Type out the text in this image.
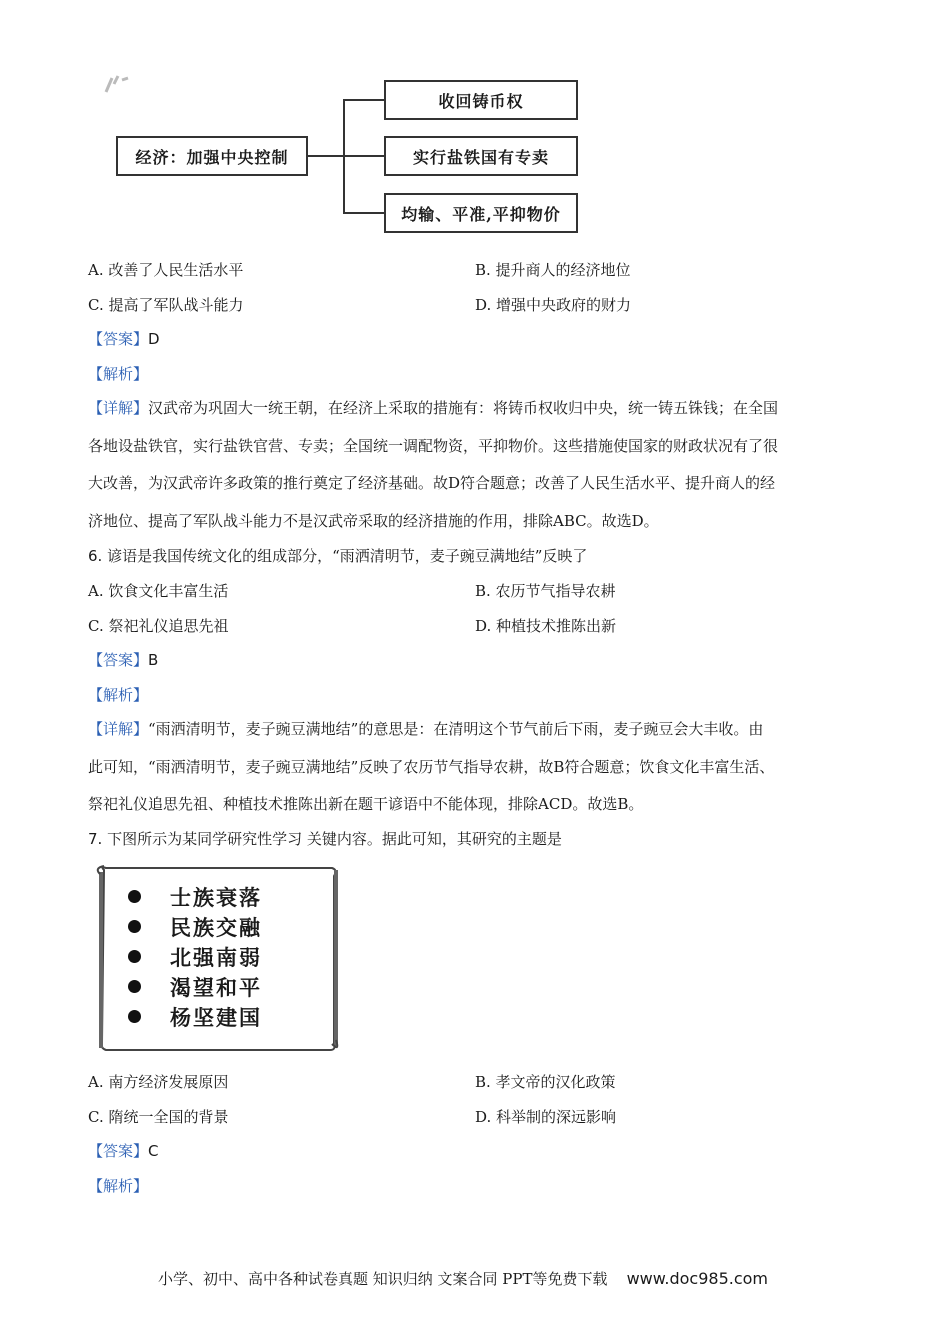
经济：加强中央控制
收回铸币权
实行盐铁国有专卖
均输、平准,平抑物价
A. 改善了人民生活水平	B. 提升商人的经济地位
C. 提高了军队战斗能力	D. 增强中央政府的财力
【答案】D
【解析】
【详解】汉武帝为巩固大一统王朝，在经济上采取的措施有：将铸币权收归中央，统一铸五铢钱；在全国
各地设盐铁官，实行盐铁官营、专卖；全国统一调配物资，平抑物价。这些措施使国家的财政状况有了很
大改善，为汉武帝许多政策的推行奠定了经济基础。故D符合题意；改善了人民生活水平、提升商人的经
济地位、提高了军队战斗能力不是汉武帝采取的经济措施的作用，排除ABC。故选D。
6. 谚语是我国传统文化的组成部分，“雨洒清明节，麦子豌豆满地结”反映了
A. 饮食文化丰富生活	B. 农历节气指导农耕
C. 祭祀礼仪追思先祖	D. 种植技术推陈出新
【答案】B
【解析】
【详解】“雨洒清明节，麦子豌豆满地结”的意思是：在清明这个节气前后下雨，麦子豌豆会大丰收。由
此可知，“雨洒清明节，麦子豌豆满地结”反映了农历节气指导农耕，故B符合题意；饮食文化丰富生活、
祭祀礼仪追思先祖、种植技术推陈出新在题干谚语中不能体现，排除ACD。故选B。
7. 下图所示为某同学研究性学习 关键内容。据此可知，其研究的主题是
士族衰落
民族交融
北强南弱
渴望和平
杨坚建国
A. 南方经济发展原因	B. 孝文帝的汉化政策
C. 隋统一全国的背景	D. 科举制的深远影响
【答案】C
【解析】
小学、初中、高中各种试卷真题 知识归纳 文案合同 PPT等免费下载 www.doc985.com
